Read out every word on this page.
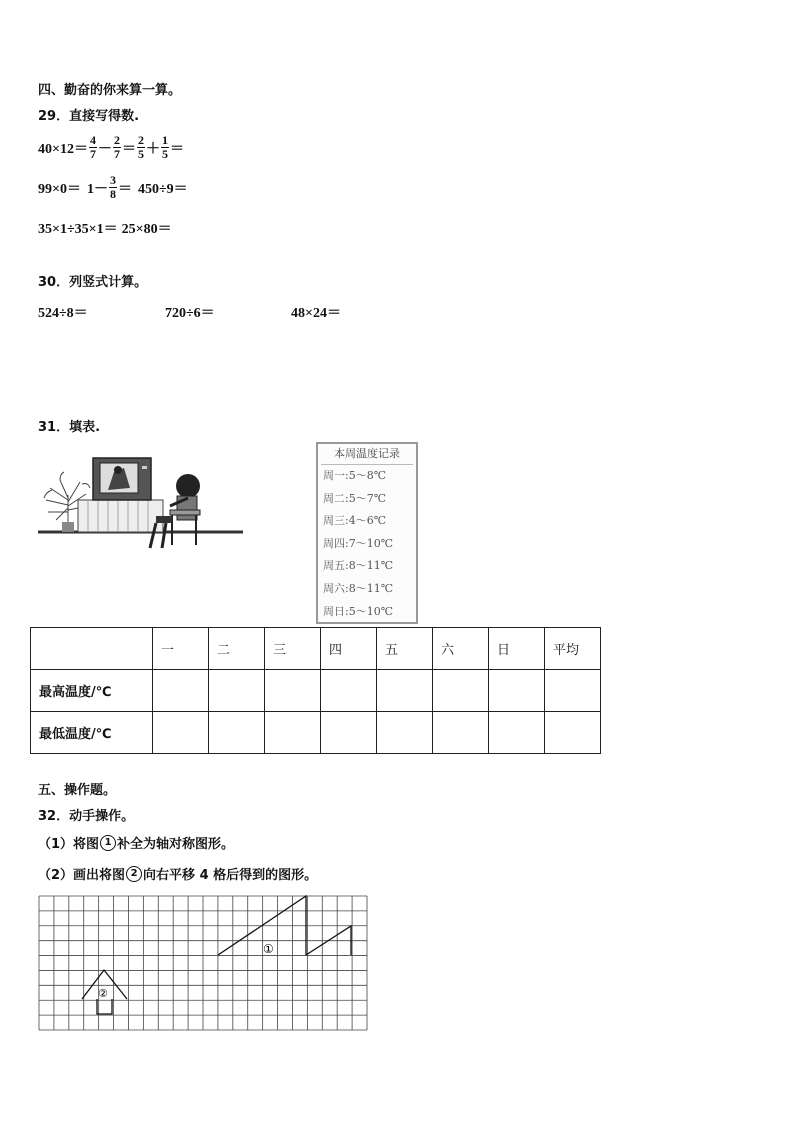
四、勤奋的你来算一算。
29．直接写得数.
$40\times 12= \frac{4}{7} - \frac{2}{7} = \frac{2}{5} + \frac{1}{5}$ ＝
$99\times 0= 1- \frac{3}{8} = 450\div 9=$
35×1÷35×1＝ 25×80＝
30．列竖式计算。
524÷8＝	720÷6＝	48×24＝
31．填表.
本周温度记录
周一:5～8℃
周二:5～7℃
周三:4～6℃
周四:7～10℃
周五:8～11℃
周六:8～11℃
周日:5～10℃
	一	二	三	四	五	六	日	平均
最高温度/℃								
最低温度/℃								
五、操作题。
32．动手操作。
（1）将图 1 补全为轴对称图形。
（2）画出将图 2 向右平移 4 格后得到的图形。
①
②
